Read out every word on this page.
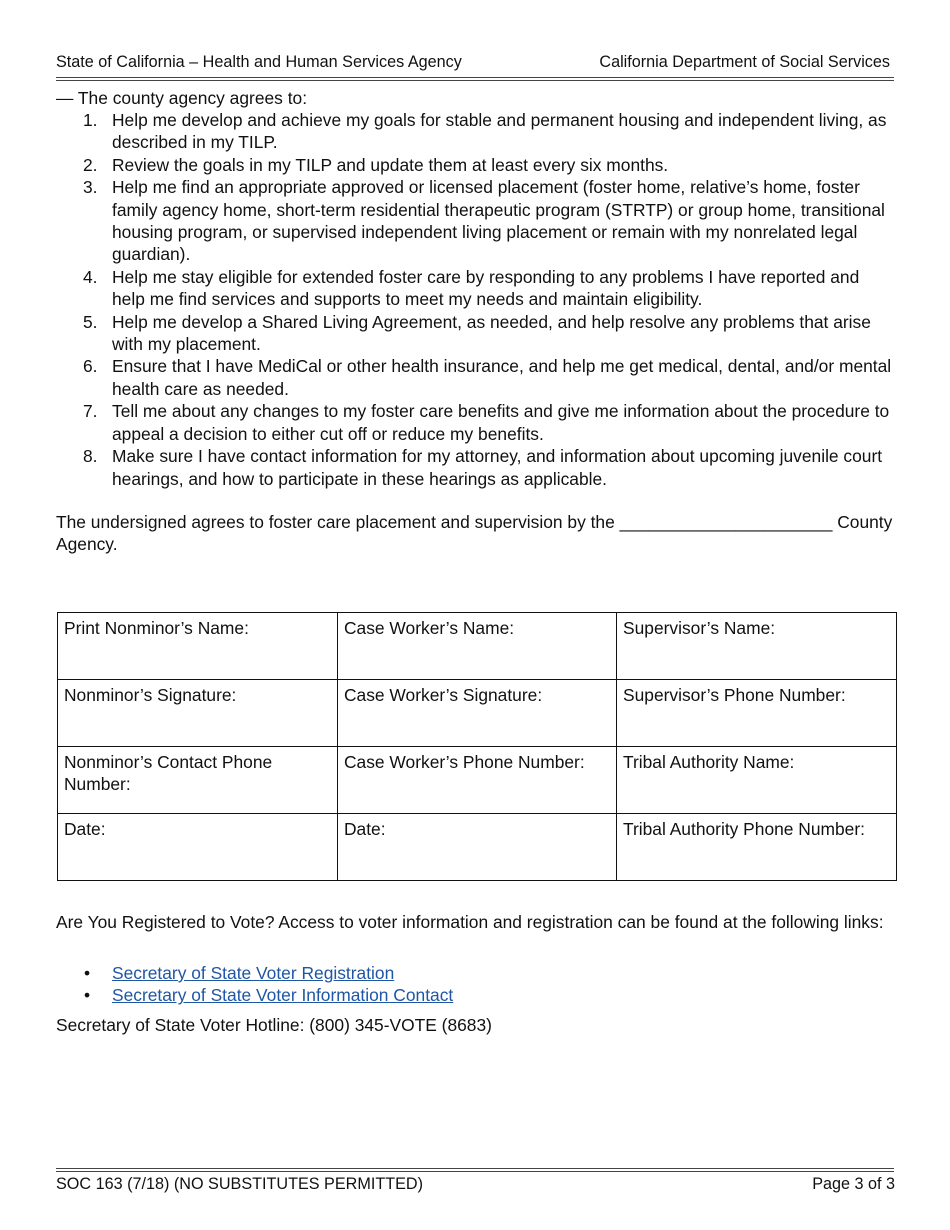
State of California – Health and Human Services Agency	California Department of Social Services
— The county agency agrees to:
1. Help me develop and achieve my goals for stable and permanent housing and independent living, as described in my TILP.
2. Review the goals in my TILP and update them at least every six months.
3. Help me find an appropriate approved or licensed placement (foster home, relative’s home, foster family agency home, short-term residential therapeutic program (STRTP) or group home, transitional housing program, or supervised independent living placement or remain with my nonrelated legal guardian).
4. Help me stay eligible for extended foster care by responding to any problems I have reported and help me find services and supports to meet my needs and maintain eligibility.
5. Help me develop a Shared Living Agreement, as needed, and help resolve any problems that arise with my placement.
6. Ensure that I have MediCal or other health insurance, and help me get medical, dental, and/or mental health care as needed.
7. Tell me about any changes to my foster care benefits and give me information about the procedure to appeal a decision to either cut off or reduce my benefits.
8. Make sure I have contact information for my attorney, and information about upcoming juvenile court hearings, and how to participate in these hearings as applicable.
The undersigned agrees to foster care placement and supervision by the ______________________ County Agency.
Print Nonminor’s Name:	Case Worker’s Name:	Supervisor’s Name:
Nonminor’s Signature:	Case Worker’s Signature:	Supervisor’s Phone Number:
Nonminor’s Contact Phone Number:	Case Worker’s Phone Number:	Tribal Authority Name:
Date:	Date:	Tribal Authority Phone Number:
Are You Registered to Vote? Access to voter information and registration can be found at the following links:
• Secretary of State Voter Registration
• Secretary of State Voter Information Contact
Secretary of State Voter Hotline: (800) 345-VOTE (8683)
SOC 163 (7/18) (NO SUBSTITUTES PERMITTED)	Page 3 of 3
